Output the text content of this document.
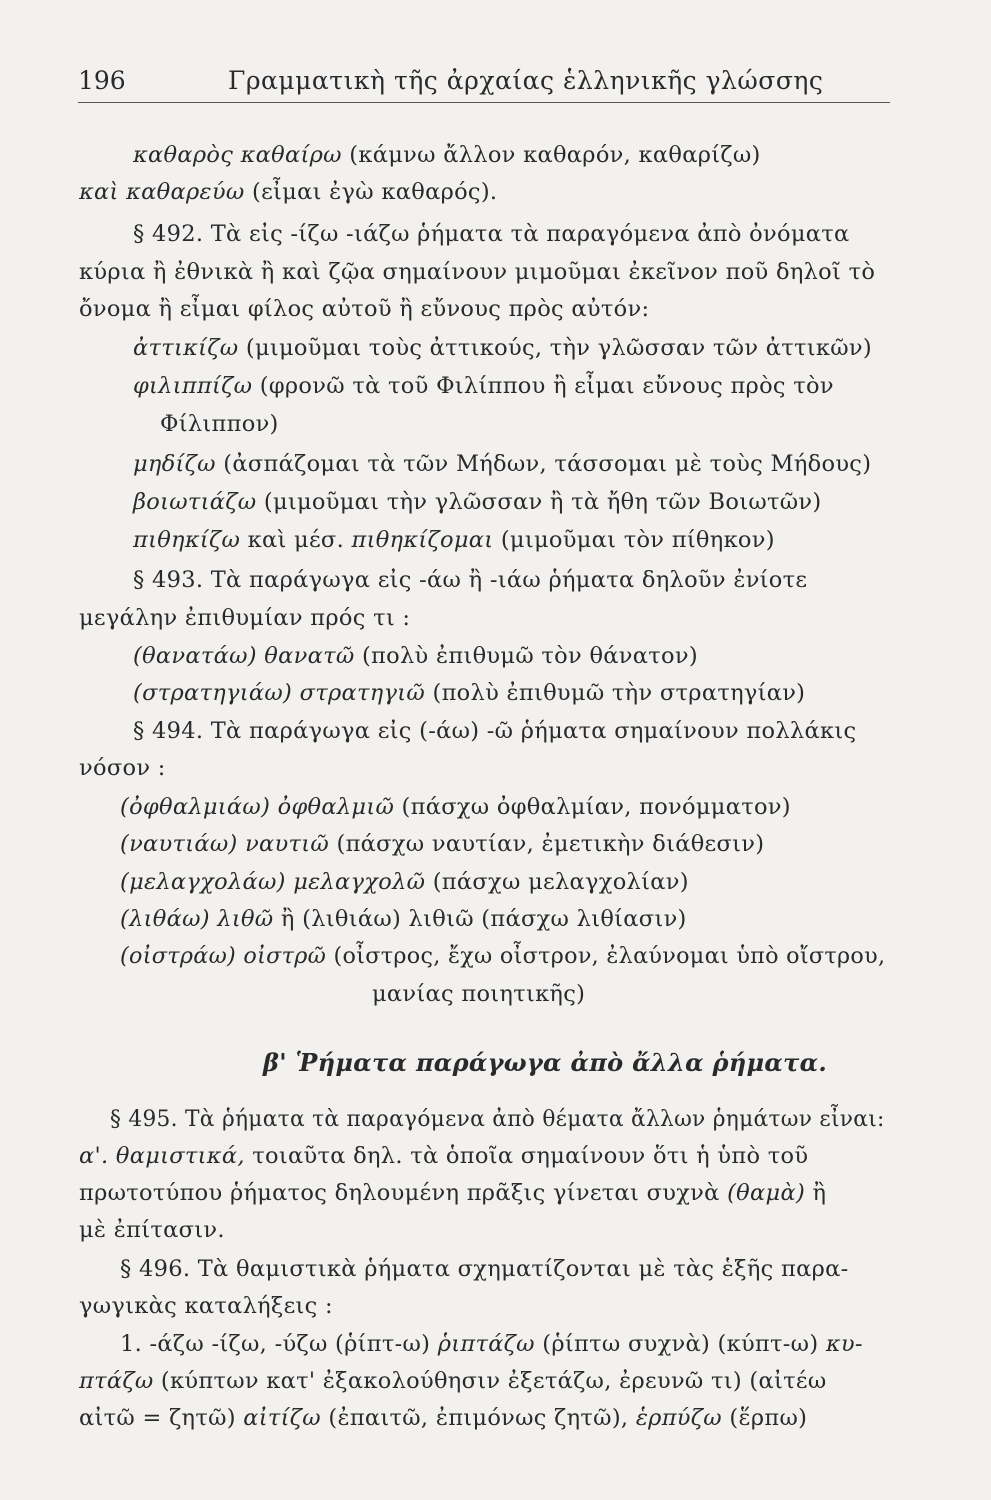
196	Γραμματικὴ τῆς ἀρχαίας ἑλληνικῆς γλώσσης
καθαρὸς καθαίρω (κάμνω ἄλλον καθαρόν, καθαρίζω)
καὶ καθαρεύω (εἶμαι ἐγὼ καθαρός).
§ 492. Τὰ εἰς -ίζω -ιάζω ῥήματα τὰ παραγόμενα ἀπὸ ὀνόματα
κύρια ἢ ἐθνικὰ ἢ καὶ ζῷα σημαίνουν μιμοῦμαι ἐκεῖνον ποῦ δηλοῖ τὸ
ὄνομα ἢ εἶμαι φίλος αὐτοῦ ἢ εὔνους πρὸς αὐτόν:
ἀττικίζω (μιμοῦμαι τοὺς ἀττικούς, τὴν γλῶσσαν τῶν ἀττικῶν)
φιλιππίζω (φρονῶ τὰ τοῦ Φιλίππου ἢ εἶμαι εὔνους πρὸς τὸν
Φίλιππον)
μηδίζω (ἀσπάζομαι τὰ τῶν Μήδων, τάσσομαι μὲ τοὺς Μήδους)
βοιωτιάζω (μιμοῦμαι τὴν γλῶσσαν ἢ τὰ ἤθη τῶν Βοιωτῶν)
πιθηκίζω καὶ μέσ. πιθηκίζομαι (μιμοῦμαι τὸν πίθηκον)
§ 493. Τὰ παράγωγα εἰς -άω ἢ -ιάω ῥήματα δηλοῦν ἐνίοτε
μεγάλην ἐπιθυμίαν πρός τι :
(θανατάω) θανατῶ (πολὺ ἐπιθυμῶ τὸν θάνατον)
(στρατηγιάω) στρατηγιῶ (πολὺ ἐπιθυμῶ τὴν στρατηγίαν)
§ 494. Τὰ παράγωγα εἰς (-άω) -ῶ ῥήματα σημαίνουν πολλάκις
νόσον :
(ὀφθαλμιάω) ὀφθαλμιῶ (πάσχω ὀφθαλμίαν, πονόμματον)
(ναυτιάω) ναυτιῶ (πάσχω ναυτίαν, ἐμετικὴν διάθεσιν)
(μελαγχολάω) μελαγχολῶ (πάσχω μελαγχολίαν)
(λιθάω) λιθῶ ἢ (λιθιάω) λιθιῶ (πάσχω λιθίασιν)
(οἰστράω) οἰστρῶ (οἶστρος, ἔχω οἶστρον, ἐλαύνομαι ὑπὸ οἴστρου,
μανίας ποιητικῆς)
β' Ῥήματα παράγωγα ἀπὸ ἄλλα ῥήματα.
§ 495. Τὰ ῥήματα τὰ παραγόμενα ἀπὸ θέματα ἄλλων ῥημάτων εἶναι:
α'. θαμιστικά, τοιαῦτα δηλ. τὰ ὁποῖα σημαίνουν ὅτι ἡ ὑπὸ τοῦ
πρωτοτύπου ῥήματος δηλουμένη πρᾶξις γίνεται συχνὰ (θαμὰ) ἢ
μὲ ἐπίτασιν.
§ 496. Τὰ θαμιστικὰ ῥήματα σχηματίζονται μὲ τὰς ἑξῆς παρα-
γωγικὰς καταλήξεις :
1. -άζω -ίζω, -ύζω (ῥίπτ-ω) ῥιπτάζω (ῥίπτω συχνὰ) (κύπτ-ω) κυ-
πτάζω (κύπτων κατ' ἐξακολούθησιν ἐξετάζω, ἐρευνῶ τι) (αἰτέω
αἰτῶ = ζητῶ) αἰτίζω (ἐπαιτῶ, ἐπιμόνως ζητῶ), ἑρπύζω (ἕρπω)
